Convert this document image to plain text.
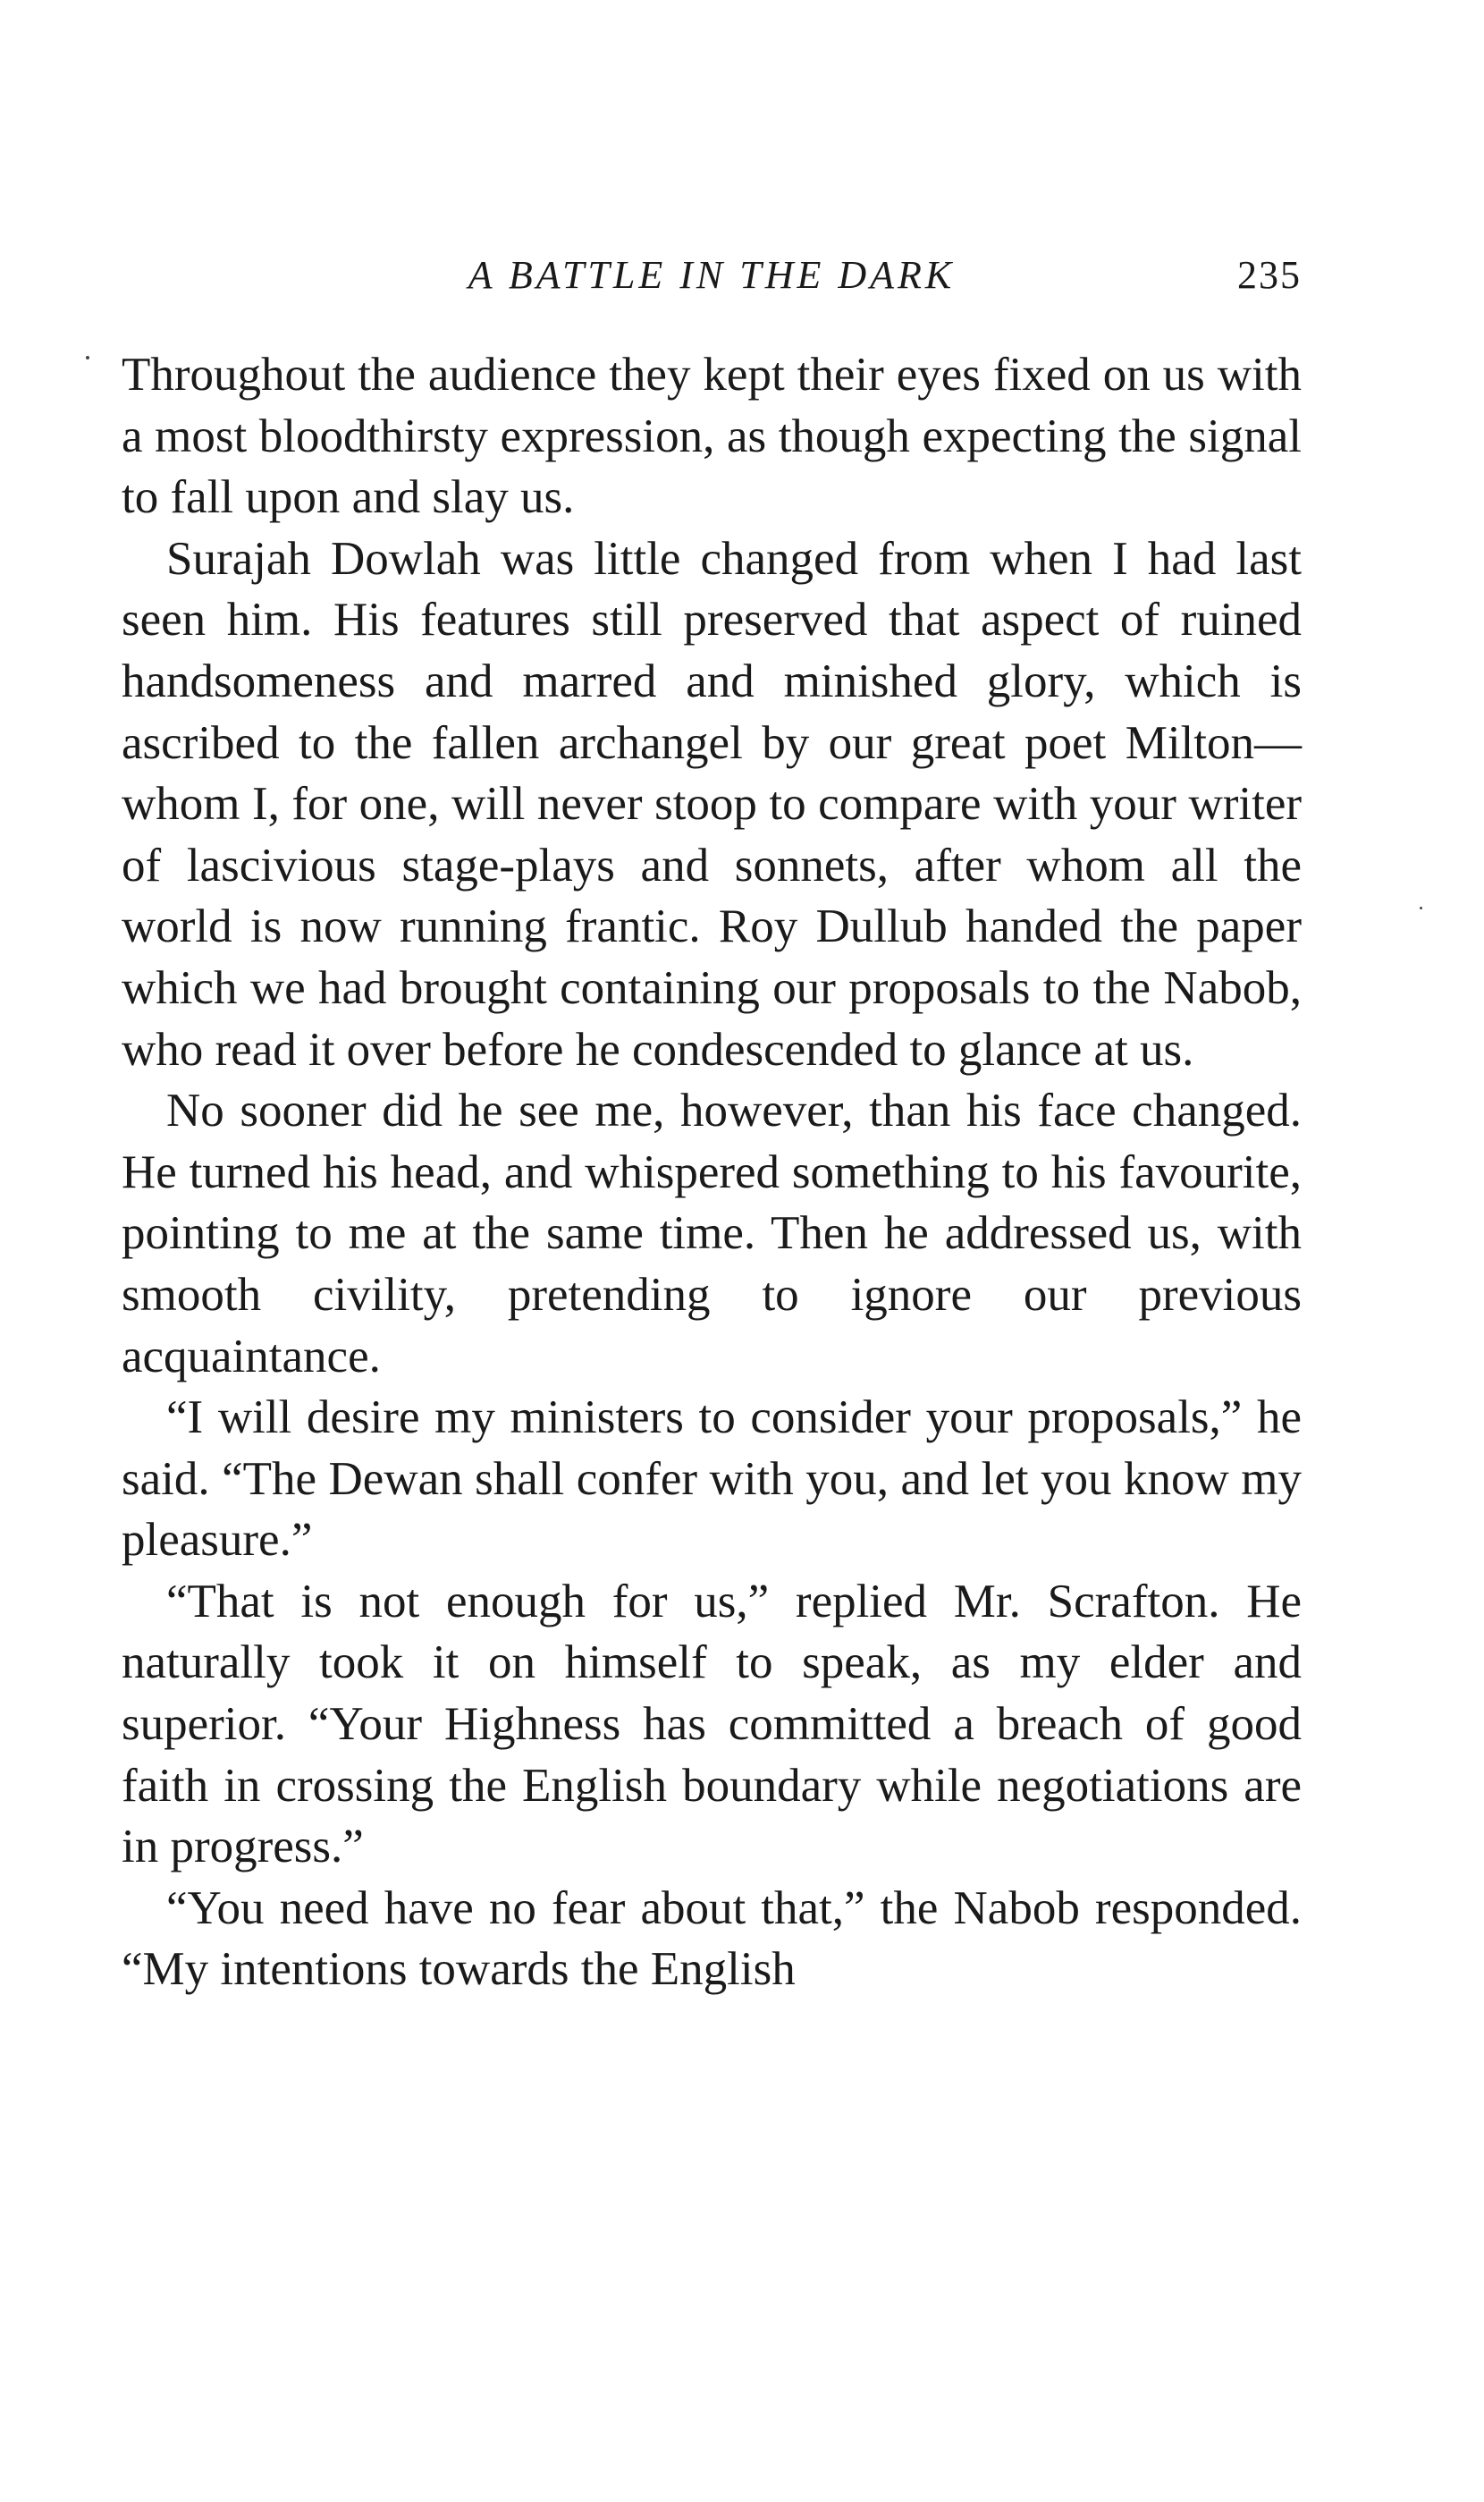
A BATTLE IN THE DARK	235

Throughout the audience they kept their eyes fixed on us with a most bloodthirsty expression, as though expecting the signal to fall upon and slay us.

Surajah Dowlah was little changed from when I had last seen him. His features still preserved that aspect of ruined handsomeness and marred and minished glory, which is ascribed to the fallen archangel by our great poet Milton—whom I, for one, will never stoop to compare with your writer of lascivious stage-plays and sonnets, after whom all the world is now running frantic. Roy Dullub handed the paper which we had brought containing our proposals to the Nabob, who read it over before he condescended to glance at us.

No sooner did he see me, however, than his face changed. He turned his head, and whispered something to his favourite, pointing to me at the same time. Then he addressed us, with smooth civility, pretending to ignore our previous acquaintance.

“I will desire my ministers to consider your proposals,” he said. “The Dewan shall confer with you, and let you know my pleasure.”

“That is not enough for us,” replied Mr. Scrafton. He naturally took it on himself to speak, as my elder and superior. “Your Highness has committed a breach of good faith in crossing the English boundary while negotiations are in progress.”

“You need have no fear about that,” the Nabob responded. “My intentions towards the English
